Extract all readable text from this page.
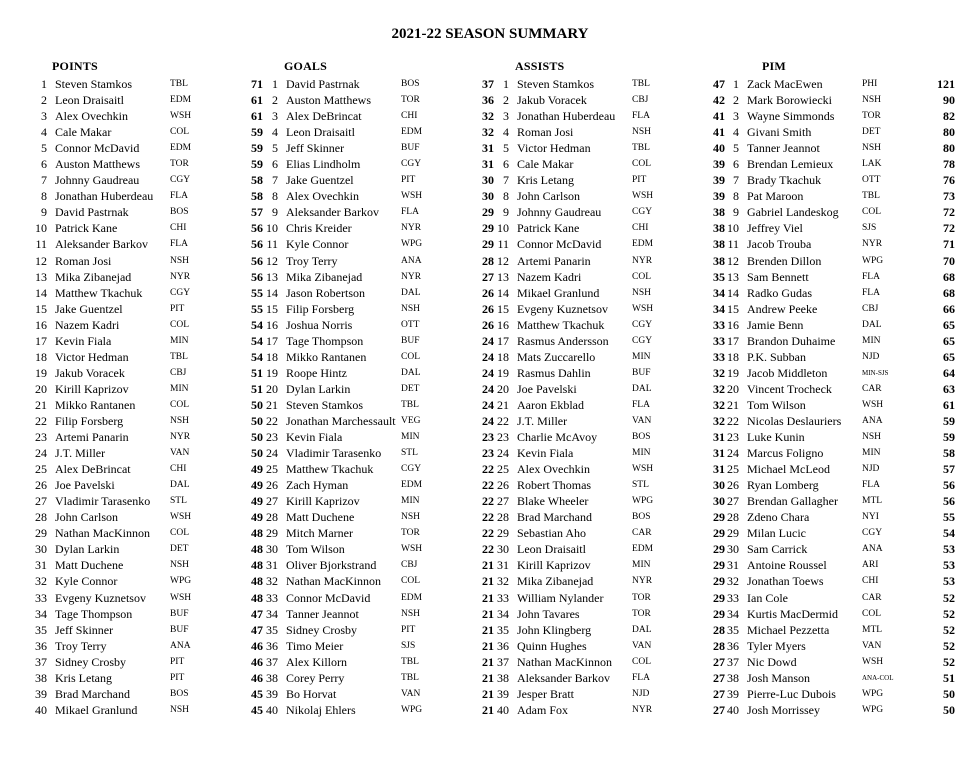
2021-22 SEASON SUMMARY
POINTS
1 Steven Stamkos	TBL	71
2 Leon Draisaitl	EDM	61
3 Alex Ovechkin	WSH	61
4 Cale Makar	COL	59
5 Connor McDavid	EDM	59
6 Auston Matthews	TOR	59
7 Johnny Gaudreau	CGY	58
8 Jonathan Huberdeau FLA	58
9 David Pastrnak	BOS	57
10 Patrick Kane	CHI	56
11 Aleksander Barkov FLA	56
12 Roman Josi	NSH	56
13 Mika Zibanejad	NYR	56
14 Matthew Tkachuk	CGY	55
15 Jake Guentzel	PIT	55
16 Nazem Kadri	COL	54
17 Kevin Fiala	MIN	54
18 Victor Hedman	TBL	54
19 Jakub Voracek	CBJ	51
20 Kirill Kaprizov	MIN	51
21 Mikko Rantanen	COL	50
22 Filip Forsberg	NSH	50
23 Artemi Panarin	NYR	50
24 J.T. Miller	VAN	50
25 Alex DeBrincat	CHI	49
26 Joe Pavelski	DAL	49
27 Vladimir Tarasenko STL	49
28 John Carlson	WSH	49
29 Nathan MacKinnon COL	48
30 Dylan Larkin	DET	48
31 Matt Duchene	NSH	48
32 Kyle Connor	WPG	48
33 Evgeny Kuznetsov	WSH	48
34 Tage Thompson	BUF	47
35 Jeff Skinner	BUF	47
36 Troy Terry	ANA	46
37 Sidney Crosby	PIT	46
38 Kris Letang	PIT	46
39 Brad Marchand	BOS	45
40 Mikael Granlund	NSH	45
GOALS
1 David Pastrnak	BOS	37
2 Auston Matthews	TOR	36
3 Alex DeBrincat	CHI	32
4 Leon Draisaitl	EDM	32
5 Jeff Skinner	BUF	31
6 Elias Lindholm	CGY	31
7 Jake Guentzel	PIT	30
8 Alex Ovechkin	WSH	30
9 Aleksander Barkov FLA	29
10 Chris Kreider	NYR	29
11 Kyle Connor	WPG	29
12 Troy Terry	ANA	28
13 Mika Zibanejad	NYR	27
14 Jason Robertson	DAL	26
15 Filip Forsberg	NSH	26
16 Joshua Norris	OTT	26
17 Tage Thompson	BUF	24
18 Mikko Rantanen	COL	24
19 Roope Hintz	DAL	24
20 Dylan Larkin	DET	24
21 Steven Stamkos	TBL	24
22 Jonathan Marchessault VEG	24
23 Kevin Fiala	MIN	23
24 Vladimir Tarasenko STL	23
25 Matthew Tkachuk	CGY	22
26 Zach Hyman	EDM	22
27 Kirill Kaprizov	MIN	22
28 Matt Duchene	NSH	22
29 Mitch Marner	TOR	22
30 Tom Wilson	WSH	22
31 Oliver Bjorkstrand	CBJ	21
32 Nathan MacKinnon COL	21
33 Connor McDavid	EDM	21
34 Tanner Jeannot	NSH	21
35 Sidney Crosby	PIT	21
36 Timo Meier	SJS	21
37 Alex Killorn	TBL	21
38 Corey Perry	TBL	21
39 Bo Horvat	VAN	21
40 Nikolaj Ehlers	WPG	21
ASSISTS
1 Steven Stamkos	TBL	47
2 Jakub Voracek	CBJ	42
3 Jonathan Huberdeau FLA	41
4 Roman Josi	NSH	41
5 Victor Hedman	TBL	40
6 Cale Makar	COL	39
7 Kris Letang	PIT	39
8 John Carlson	WSH	39
9 Johnny Gaudreau	CGY	38
10 Patrick Kane	CHI	38
11 Connor McDavid	EDM	38
12 Artemi Panarin	NYR	38
13 Nazem Kadri	COL	35
14 Mikael Granlund	NSH	34
15 Evgeny Kuznetsov	WSH	34
16 Matthew Tkachuk	CGY	33
17 Rasmus Andersson CGY	33
18 Mats Zuccarello	MIN	33
19 Rasmus Dahlin	BUF	32
20 Joe Pavelski	DAL	32
21 Aaron Ekblad	FLA	32
22 J.T. Miller	VAN	32
23 Charlie McAvoy	BOS	31
24 Kevin Fiala	MIN	31
25 Alex Ovechkin	WSH	31
26 Robert Thomas	STL	30
27 Blake Wheeler	WPG	30
28 Brad Marchand	BOS	29
29 Sebastian Aho	CAR	29
30 Leon Draisaitl	EDM	29
31 Kirill Kaprizov	MIN	29
32 Mika Zibanejad	NYR	29
33 William Nylander	TOR	29
34 John Tavares	TOR	29
35 John Klingberg	DAL	28
36 Quinn Hughes	VAN	28
37 Nathan MacKinnon COL	27
38 Aleksander Barkov FLA	27
39 Jesper Bratt	NJD	27
40 Adam Fox	NYR	27
PIM
1 Zack MacEwen	PHI	121
2 Mark Borowiecki	NSH	90
3 Wayne Simmonds	TOR	82
4 Givani Smith	DET	80
5 Tanner Jeannot	NSH	80
6 Brendan Lemieux	LAK	78
7 Brady Tkachuk	OTT	76
8 Pat Maroon	TBL	73
9 Gabriel Landeskog COL	72
10 Jeffrey Viel	SJS	72
11 Jacob Trouba	NYR	71
12 Brenden Dillon	WPG	70
13 Sam Bennett	FLA	68
14 Radko Gudas	FLA	68
15 Andrew Peeke	CBJ	66
16 Jamie Benn	DAL	65
17 Brandon Duhaime	MIN	65
18 P.K. Subban	NJD	65
19 Jacob Middleton	MIN-SJS	64
20 Vincent Trocheck	CAR	63
21 Tom Wilson	WSH	61
22 Nicolas Deslauriers ANA	59
23 Luke Kunin	NSH	59
24 Marcus Foligno	MIN	58
25 Michael McLeod	NJD	57
26 Ryan Lomberg	FLA	56
27 Brendan Gallagher	MTL	56
28 Zdeno Chara	NYI	55
29 Milan Lucic	CGY	54
30 Sam Carrick	ANA	53
31 Antoine Roussel	ARI	53
32 Jonathan Toews	CHI	53
33 Ian Cole	CAR	52
34 Kurtis MacDermid	COL	52
35 Michael Pezzetta	MTL	52
36 Tyler Myers	VAN	52
37 Nic Dowd	WSH	52
38 Josh Manson	ANA-COL	51
39 Pierre-Luc Dubois	WPG	50
40 Josh Morrissey	WPG	50
